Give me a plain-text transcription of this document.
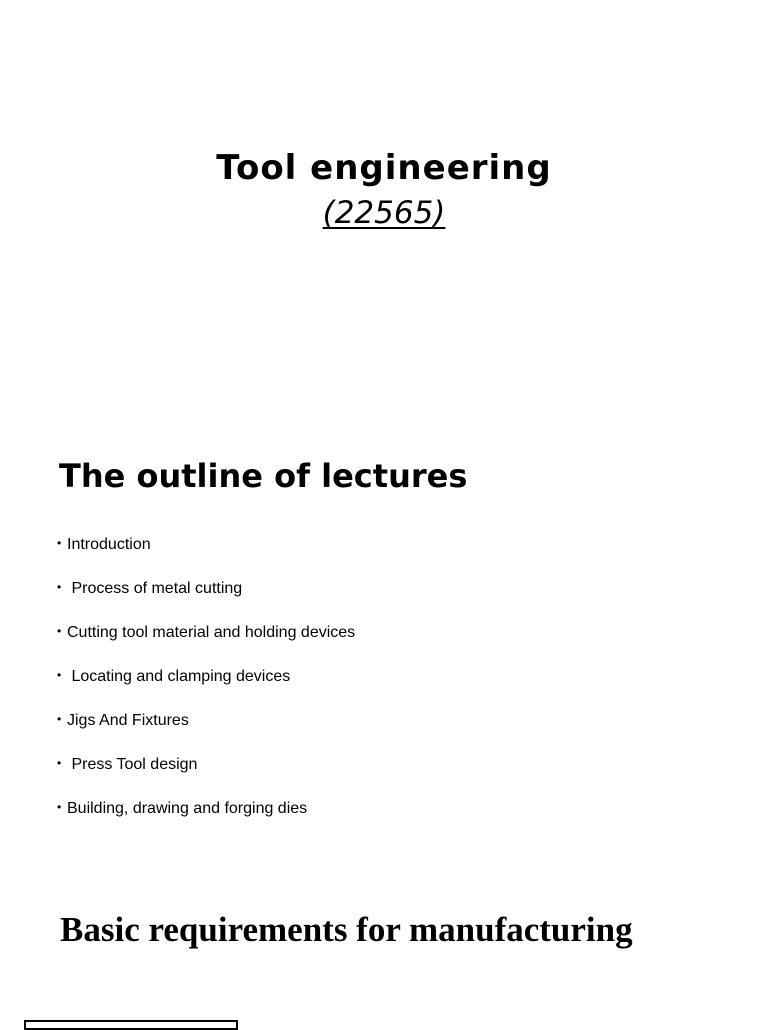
Tool engineering
(22565)
The outline of lectures
• Introduction
• Process of metal cutting
• Cutting tool material and holding devices
• Locating and clamping devices
• Jigs And Fixtures
• Press Tool design
• Building, drawing and forging dies
Basic requirements for manufacturing
